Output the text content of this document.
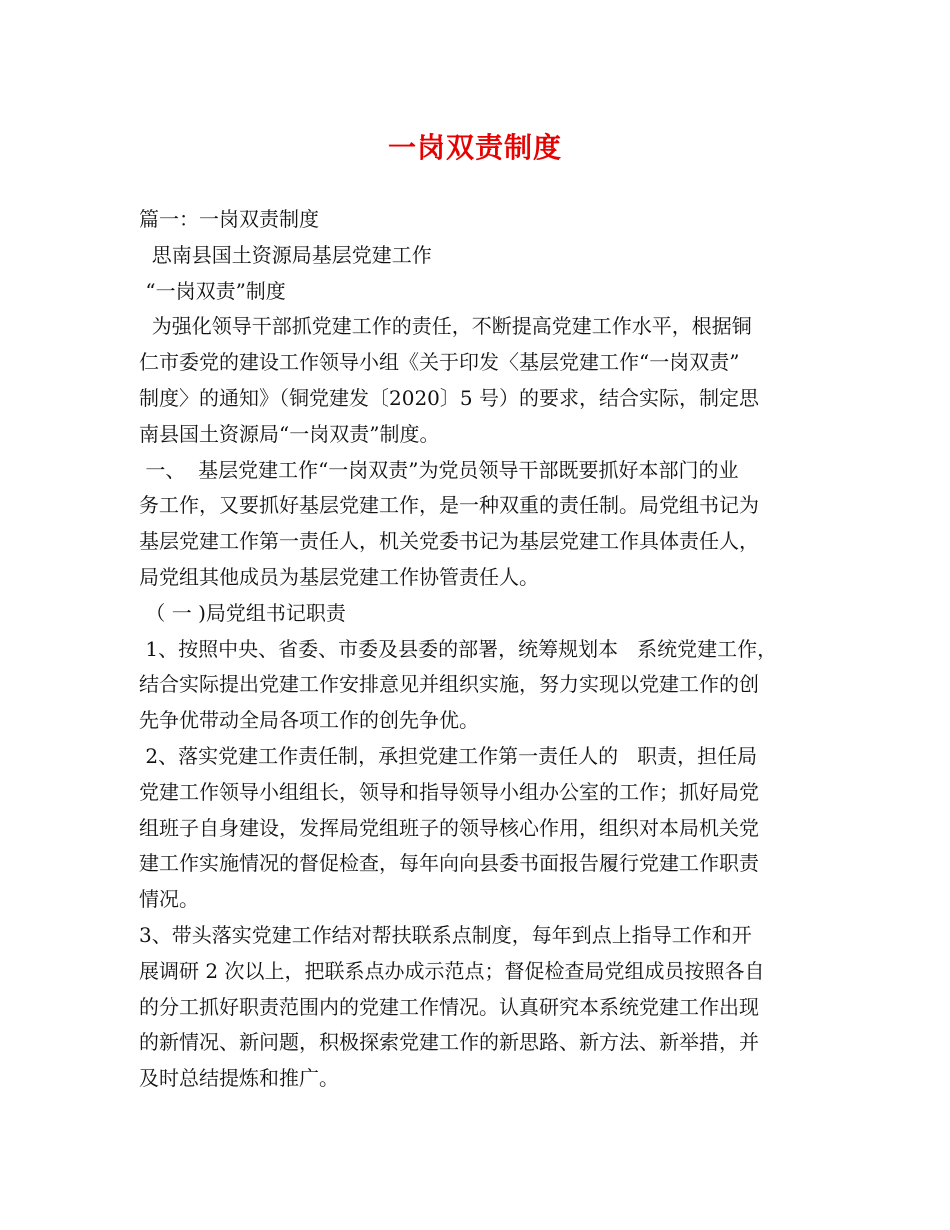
一岗双责制度
篇一：一岗双责制度
思南县国土资源局基层党建工作
“一岗双责”制度
为强化领导干部抓党建工作的责任，不断提高党建工作水平，根据铜
仁市委党的建设工作领导小组《关于印发〈基层党建工作“一岗双责”
制度〉的通知》（铜党建发〔2020〕5 号）的要求，结合实际，制定思
南县国土资源局“一岗双责”制度。
一、  基层党建工作“一岗双责”为党员领导干部既要抓好本部门的业
务工作，又要抓好基层党建工作，是一种双重的责任制。局党组书记为
基层党建工作第一责任人，机关党委书记为基层党建工作具体责任人，
局党组其他成员为基层党建工作协管责任人。
（ 一 )局党组书记职责
1、按照中央、省委、市委及县委的部署，统筹规划本   系统党建工作，
结合实际提出党建工作安排意见并组织实施，努力实现以党建工作的创
先争优带动全局各项工作的创先争优。
2、落实党建工作责任制，承担党建工作第一责任人的   职责，担任局
党建工作领导小组组长，领导和指导领导小组办公室的工作；抓好局党
组班子自身建设，发挥局党组班子的领导核心作用，组织对本局机关党
建工作实施情况的督促检查，每年向向县委书面报告履行党建工作职责
情况。
3、带头落实党建工作结对帮扶联系点制度，每年到点上指导工作和开
展调研 2 次以上，把联系点办成示范点；督促检查局党组成员按照各自
的分工抓好职责范围内的党建工作情况。认真研究本系统党建工作出现
的新情况、新问题，积极探索党建工作的新思路、新方法、新举措，并
及时总结提炼和推广。
